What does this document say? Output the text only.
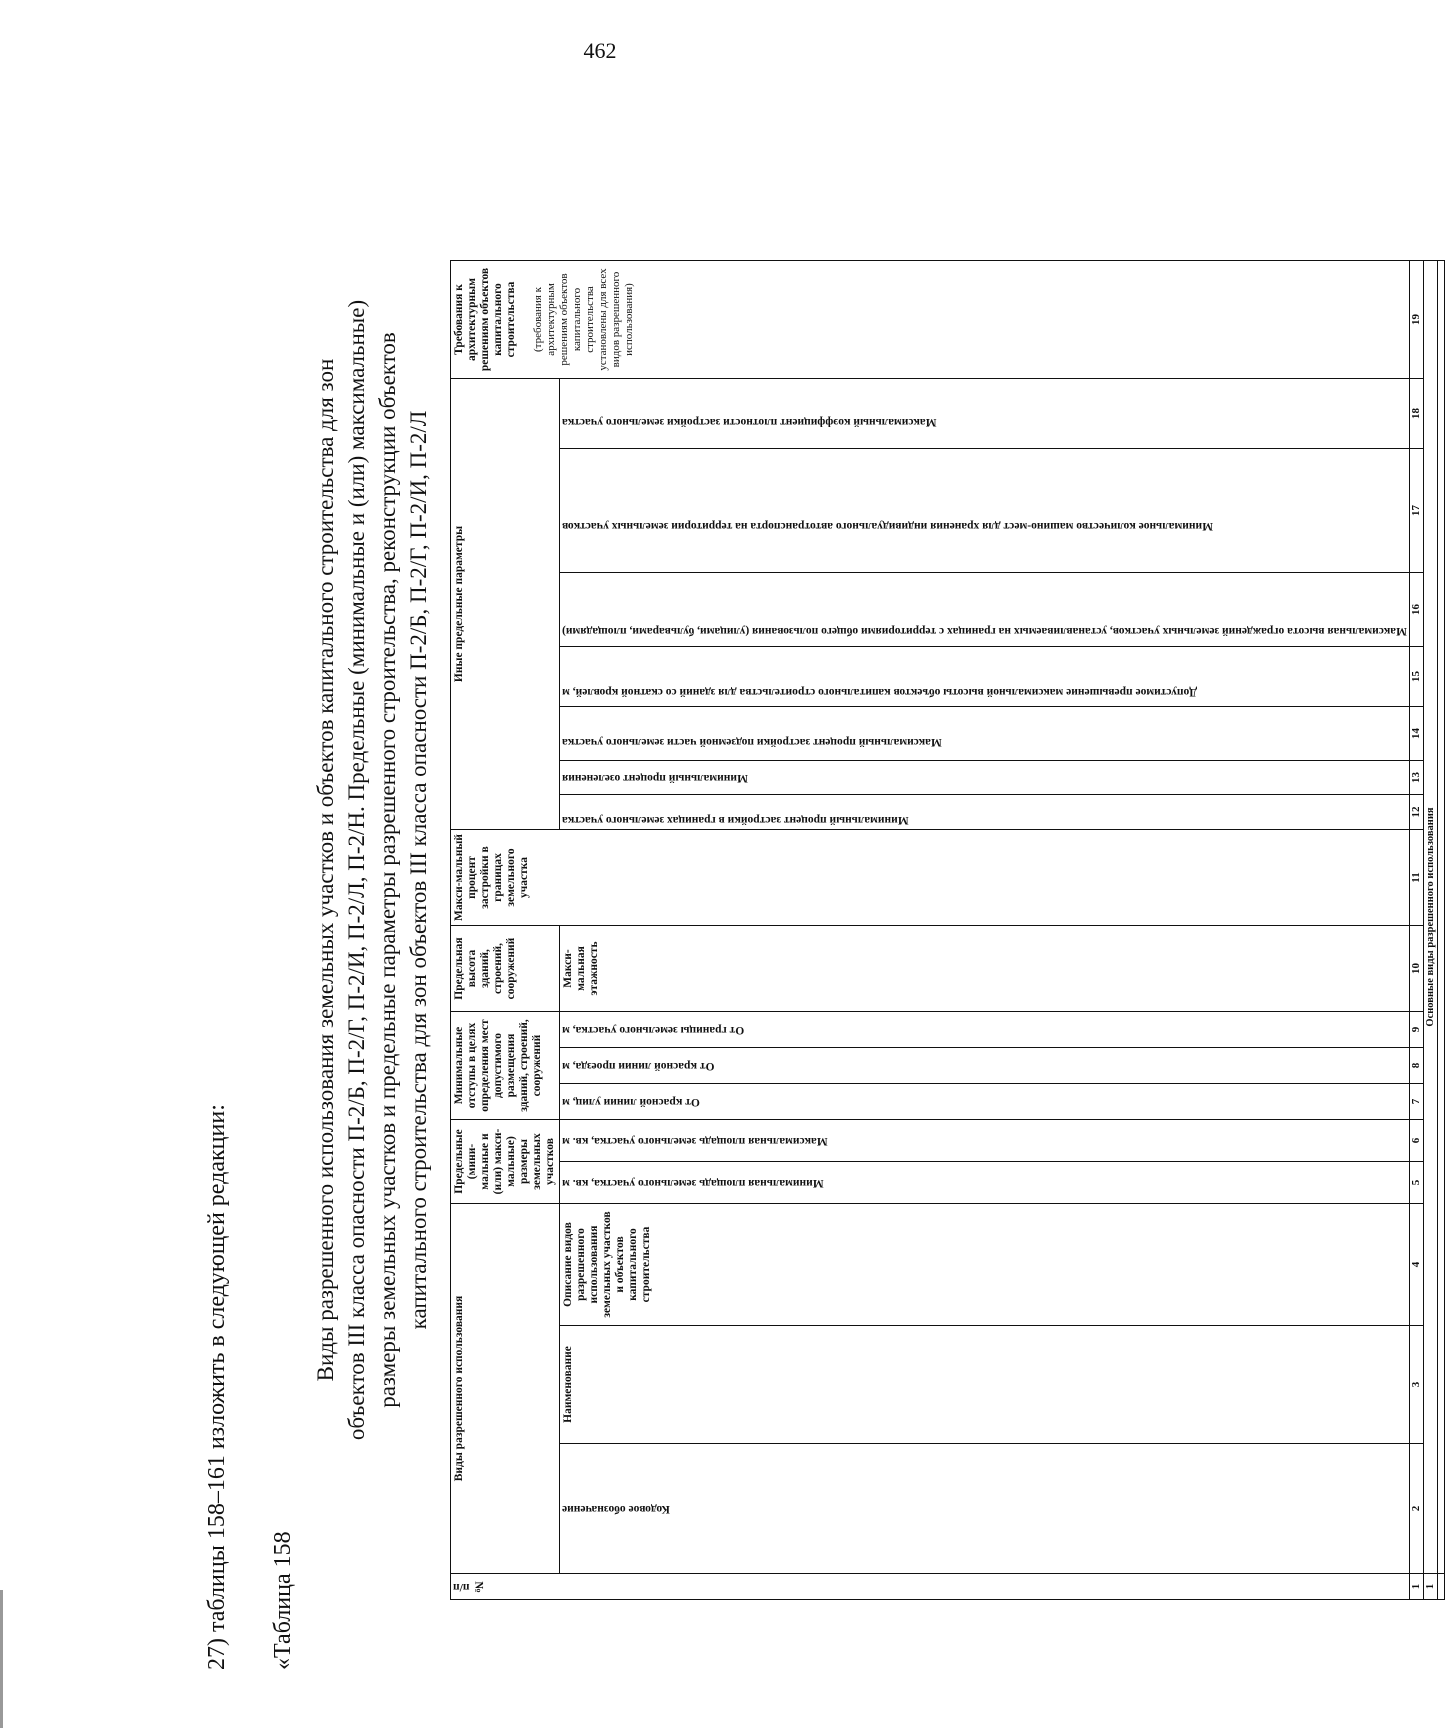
462
27) таблицы 158–161 изложить в следующей редакции: «Таблица 158
Виды разрешенного использования земельных участков и объектов капитального строительства для зон объектов III класса опасности П-2/Б, П-2/Г, П-2/И, П-2/Л, П-2/Н. Предельные (минимальные и (или) максимальные) размеры земельных участков и предельные параметры разрешенного строительства, реконструкции объектов капитального строительства для зон объектов III класса опасности П-2/Б, П-2/Г, П-2/И, П-2/Л
№ п/п	Виды разрешенного использования			Предельные (мини-мальные и (или) макси-мальные) размеры земельных участков		Минимальные отступы в целях определения мест допустимого размещения зданий, строений, сооружений			Предельная высота зданий, строений, сооружений	Макси-мальный процент застройки в границах земельного участка	Иные предельные параметры							Требования к архитектурным решениям объектов капитального строительства (требования к архитектурным решениям объектов капитального строительства установлены для всех видов разрешенного использования)

	Кодовое обозначение	Наименование	Описание видов разрешенного использования земельных участков и объектов капитального строительства	Минимальная площадь земельного участка, кв. м	Максимальная площадь земельного участка, кв. м	От красной линии улиц, м	От красной линии проезда, м	От границы земельного участка, м	Макси-мальная этажность		Минимальный процент застройки в границах земельного участка	Минимальный процент озеленения	Максимальный процент застройки подземной части земельного участка	Допустимое превышение максимальной высоты объектов капитального строительства для зданий со скатной кровлей, м	Максимальная высота ограждений земельных участков, устанавливаемых на границах с территориями общего пользования (улицами, бульварами, площадями)	Минимальное количество машино-мест для хранения индивидуального автотранспорта на территории земельных участков	Максимальный коэффициент плотности застройки земельного участка	

1	2	3	4	5	6	7	8	9	10	11	12	13	14	15	16	17	18	19
1	Основные виды разрешенного использования																	
